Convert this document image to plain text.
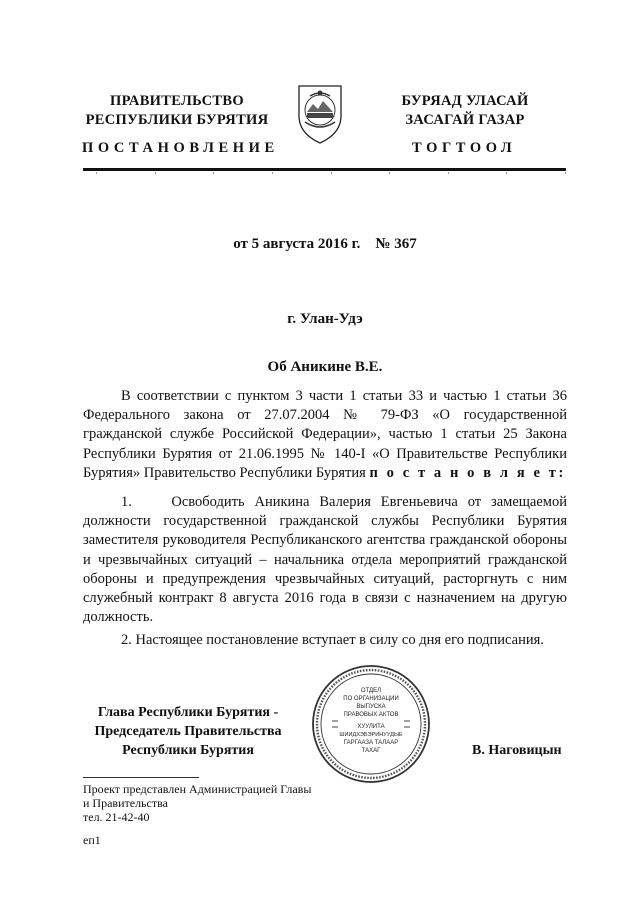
ПРАВИТЕЛЬСТВО
РЕСПУБЛИКИ БУРЯТИЯ
ПОСТАНОВЛЕНИЕ
БУРЯАД УЛАСАЙ
ЗАСАГАЙ ГАЗАР
ТОГТООЛ
от 5 августа 2016 г.    № 367
г. Улан-Удэ
Об Аникине В.Е.
В соответствии с пунктом 3 части 1 статьи 33 и частью 1 статьи 36 Федерального закона от 27.07.2004 № 79-ФЗ «О государственной гражданской службе Российской Федерации», частью 1 статьи 25 Закона Республики Бурятия от 21.06.1995 № 140-I «О Правительстве Республики Бурятия» Правительство Республики Бурятия п о с т а н о в л я е т:
1.    Освободить Аникина Валерия Евгеньевича от замещаемой должности государственной гражданской службы Республики Бурятия заместителя руководителя Республиканского агентства гражданской обороны и чрезвычайных ситуаций – начальника отдела мероприятий гражданской обороны и предупреждения чрезвычайных ситуаций, расторгнуть с ним служебный контракт 8 августа 2016 года в связи с назначением на другую должность.
2. Настоящее постановление вступает в силу со дня его подписания.
ОТДЕЛ
ПО ОРГАНИЗАЦИИ
ВЫПУСКА
ПРАВОВЫХ АКТОВ
ХУУЛИТА
ШИИДХЭБЭРИНУУДЫЕ
ГАРГААЗА ТАЛААР
ТАХАГ
Глава Республики Бурятия -
Председатель Правительства
Республики Бурятия	В. Наговицын
Проект представлен Администрацией Главы
и Правительства
тел. 21-42-40
еп1
